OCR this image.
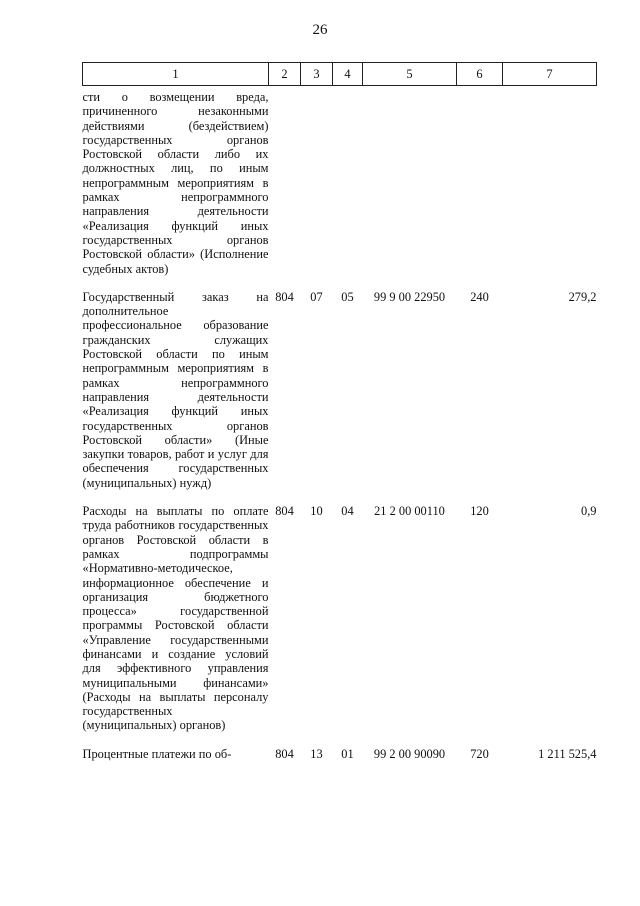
26
1	2	3	4	5	6	7
сти о возмещении вреда, причиненного незаконными действиями (бездействием) государственных органов Ростовской области либо их должностных лиц, по иным непрограммным мероприятиям в рамках непрограммного направления деятельности «Реализация функций иных государственных органов Ростовской области» (Исполнение судебных актов)						

Государственный заказ на дополнительное профессиональное образование гражданских служащих Ростовской области по иным непрограммным мероприятиям в рамках непрограммного направления деятельности «Реализация функций иных государственных органов Ростовской области» (Иные закупки товаров, работ и услуг для обеспечения государственных (муниципальных) нужд)	804	07	05	99 9 00 22950	240	279,2

Расходы на выплаты по оплате труда работников государственных органов Ростовской области в рамках подпрограммы «Нормативно-методическое, информационное обеспечение и организация бюджетного процесса» государственной программы Ростовской области «Управление государственными финансами и создание условий для эффективного управления муниципальными финансами» (Расходы на выплаты персоналу государственных (муниципальных) органов)	804	10	04	21 2 00 00110	120	0,9

Процентные платежи по об-	804	13	01	99 2 00 90090	720	1 211 525,4
